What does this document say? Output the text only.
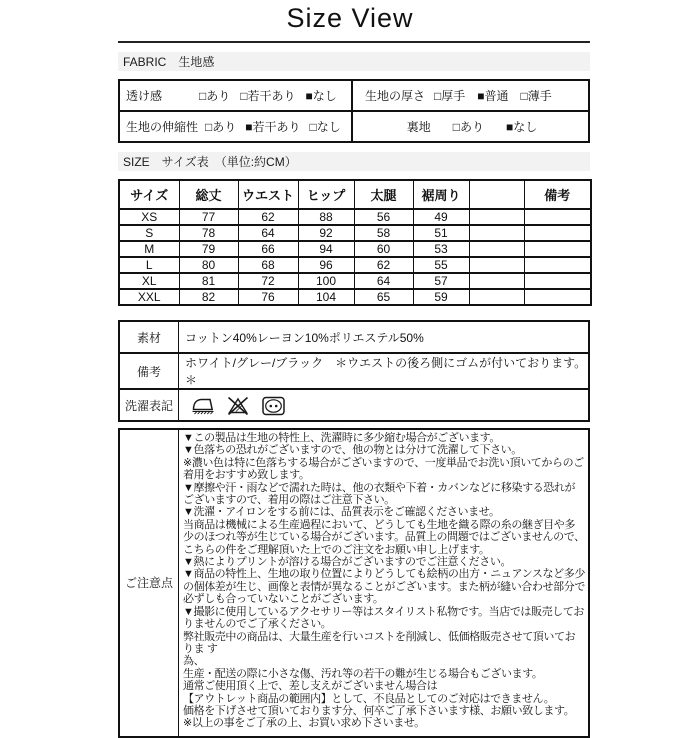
Size View
FABRIC　生地感
透け感	□あり □若干あり ■なし 生地の厚さ □厚手 ■普通 □薄手
生地の伸縮性 □あり ■若干あり □なし	裏地 □あり ■なし
SIZE　サイズ表　（単位:約CM）
サイズ	総丈	ウエスト	ヒップ	太腿	裾周り		備考
XS	77	62	88	56	49		
S	78	64	92	58	51		
M	79	66	94	60	53		
L	80	68	96	62	55		
XL	81	72	100	64	57		
XXL	82	76	104	65	59		
素材	コットン40%レーヨン10%ポリエステル50%
備考	ホワイト/グレー/ブラック　＊ウエストの後ろ側にゴムが付いております。＊
洗濯表記	
ご注意点	
▼この製品は生地の特性上、洗濯時に多少縮む場合がございます。
▼色落ちの恐れがございますので、他の物とは分けて洗濯して下さい。
※濃い色は特に色落ちする場合がございますので、一度単品でお洗い頂いてからのご着用をおすすめ致します。
▼摩擦や汗・雨などで濡れた時は、他の衣類や下着・カバンなどに移染する恐れがございますので、着用の際はご注意下さい。
▼洗濯・アイロンをする前には、品質表示をご確認くださいませ。
当商品は機械による生産過程において、どうしても生地を織る際の糸の継ぎ目や多少のほつれ等が生じている場合がございます。品質上の問題ではございませんので、こちらの件をご理解頂いた上でのご注文をお願い申し上げます。
▼熱によりプリントが溶ける場合がございますのでご注意ください。
▼商品の特性上、生地の取り位置によりどうしても絵柄の出方・ニュアンスなど多少の個体差が生じ、画像と表情が異なることがございます。また柄が縫い合わせ部分で必ずしも合っていないことがございます。
▼撮影に使用しているアクセサリー等はスタイリスト私物です。当店では販売しておりませんのでご了承ください。
弊社販売中の商品は、大量生産を行いコストを削減し、低価格販売させて頂いておりま す
為、
生産・配送の際に小さな傷、汚れ等の若干の難が生じる場合もございます。
通常ご使用頂く上で、差し支えがございません場合は
【アウトレット商品の範囲内】として、不良品としてのご対応はできません。
価格を下げさせて頂いております分、何卒ご了承下さいます様、お願い致します。
※以上の事をご了承の上、お買い求め下さいませ。
